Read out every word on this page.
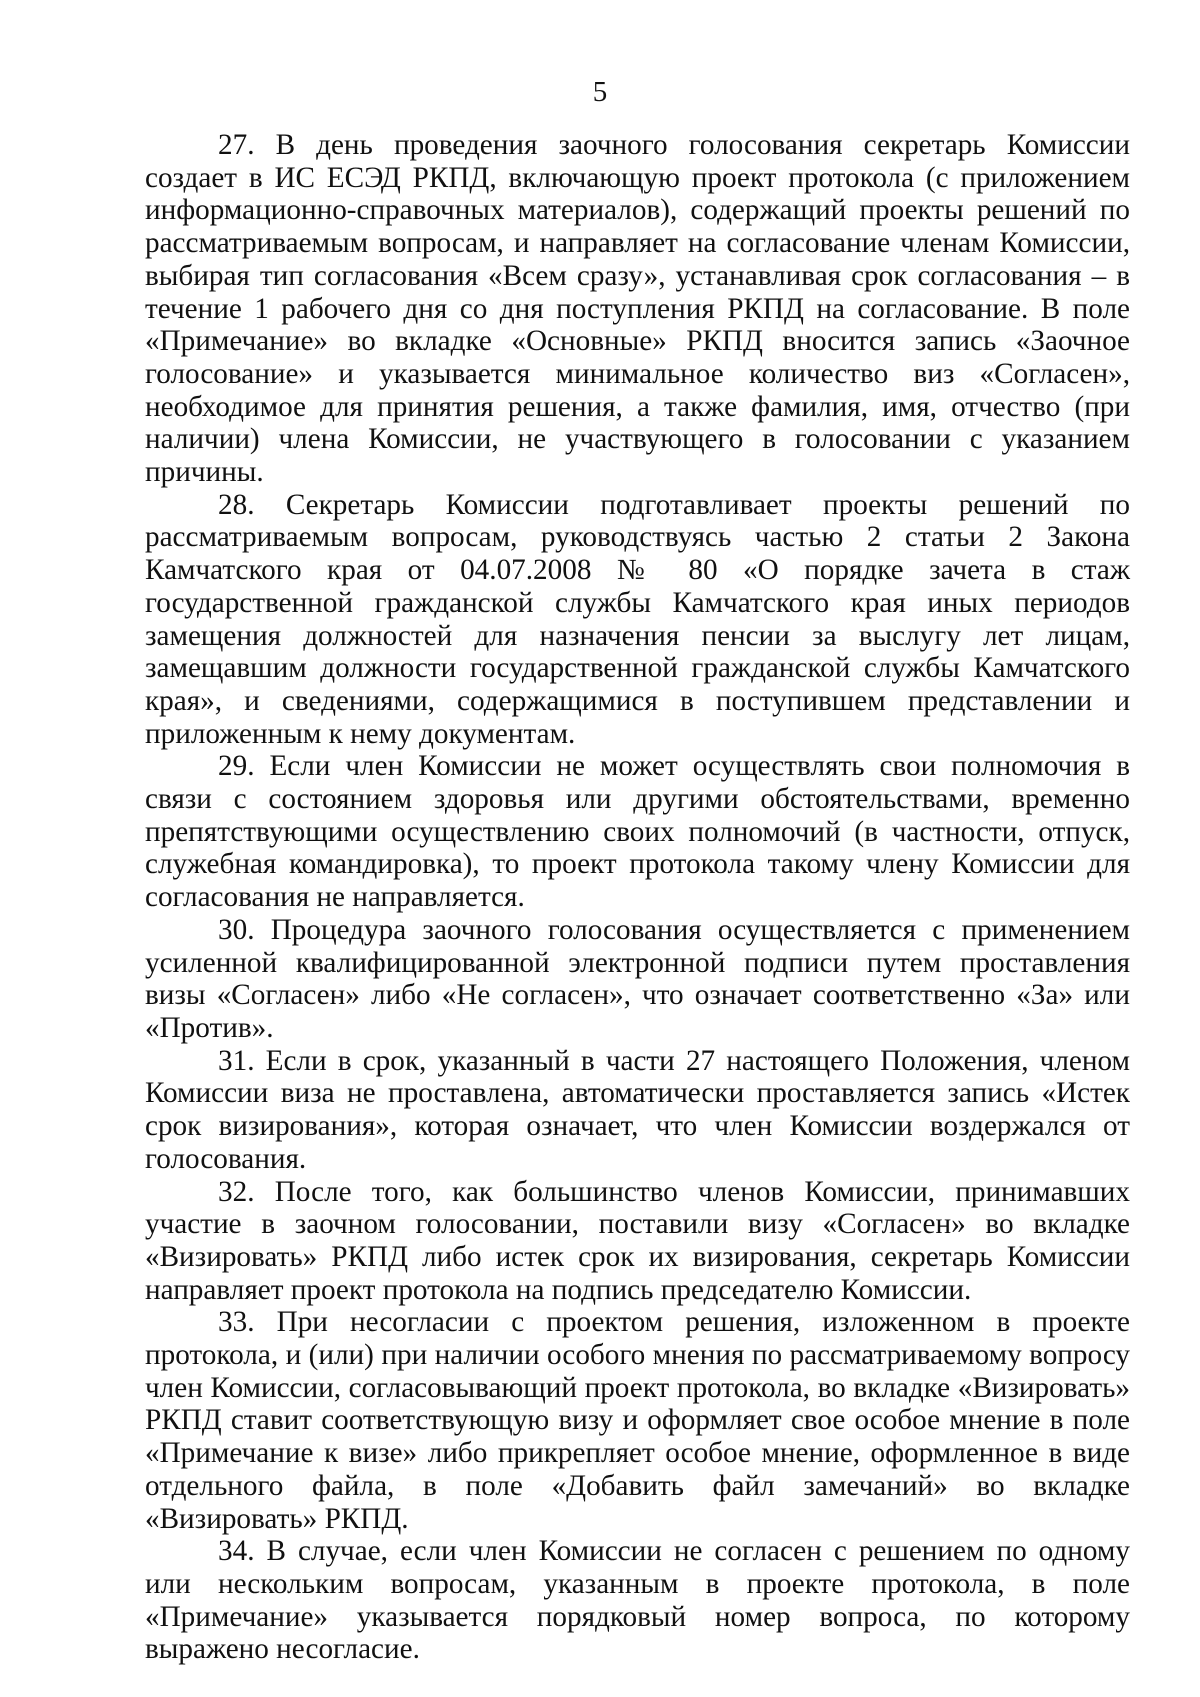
5

27. В день проведения заочного голосования секретарь Комиссии создает в ИС ЕСЭД РКПД, включающую проект протокола (с приложением информационно-справочных материалов), содержащий проекты решений по рассматриваемым вопросам, и направляет на согласование членам Комиссии, выбирая тип согласования «Всем сразу», устанавливая срок согласования – в течение 1 рабочего дня со дня поступления РКПД на согласование. В поле «Примечание» во вкладке «Основные» РКПД вносится запись «Заочное голосование» и указывается минимальное количество виз «Согласен», необходимое для принятия решения, а также фамилия, имя, отчество (при наличии) члена Комиссии, не участвующего в голосовании с указанием причины.

28. Секретарь Комиссии подготавливает проекты решений по рассматриваемым вопросам, руководствуясь частью 2 статьи 2 Закона Камчатского края от 04.07.2008 № 80 «О порядке зачета в стаж государственной гражданской службы Камчатского края иных периодов замещения должностей для назначения пенсии за выслугу лет лицам, замещавшим должности государственной гражданской службы Камчатского края», и сведениями, содержащимися в поступившем представлении и приложенным к нему документам.

29. Если член Комиссии не может осуществлять свои полномочия в связи с состоянием здоровья или другими обстоятельствами, временно препятствующими осуществлению своих полномочий (в частности, отпуск, служебная командировка), то проект протокола такому члену Комиссии для согласования не направляется.

30. Процедура заочного голосования осуществляется с применением усиленной квалифицированной электронной подписи путем проставления визы «Согласен» либо «Не согласен», что означает соответственно «За» или «Против».

31. Если в срок, указанный в части 27 настоящего Положения, членом Комиссии виза не проставлена, автоматически проставляется запись «Истек срок визирования», которая означает, что член Комиссии воздержался от голосования.

32. После того, как большинство членов Комиссии, принимавших участие в заочном голосовании, поставили визу «Согласен» во вкладке «Визировать» РКПД либо истек срок их визирования, секретарь Комиссии направляет проект протокола на подпись председателю Комиссии.

33. При несогласии с проектом решения, изложенном в проекте протокола, и (или) при наличии особого мнения по рассматриваемому вопросу член Комиссии, согласовывающий проект протокола, во вкладке «Визировать» РКПД ставит соответствующую визу и оформляет свое особое мнение в поле «Примечание к визе» либо прикрепляет особое мнение, оформленное в виде отдельного файла, в поле «Добавить файл замечаний» во вкладке «Визировать» РКПД.

34. В случае, если член Комиссии не согласен с решением по одному или нескольким вопросам, указанным в проекте протокола, в поле «Примечание» указывается порядковый номер вопроса, по которому выражено несогласие.
